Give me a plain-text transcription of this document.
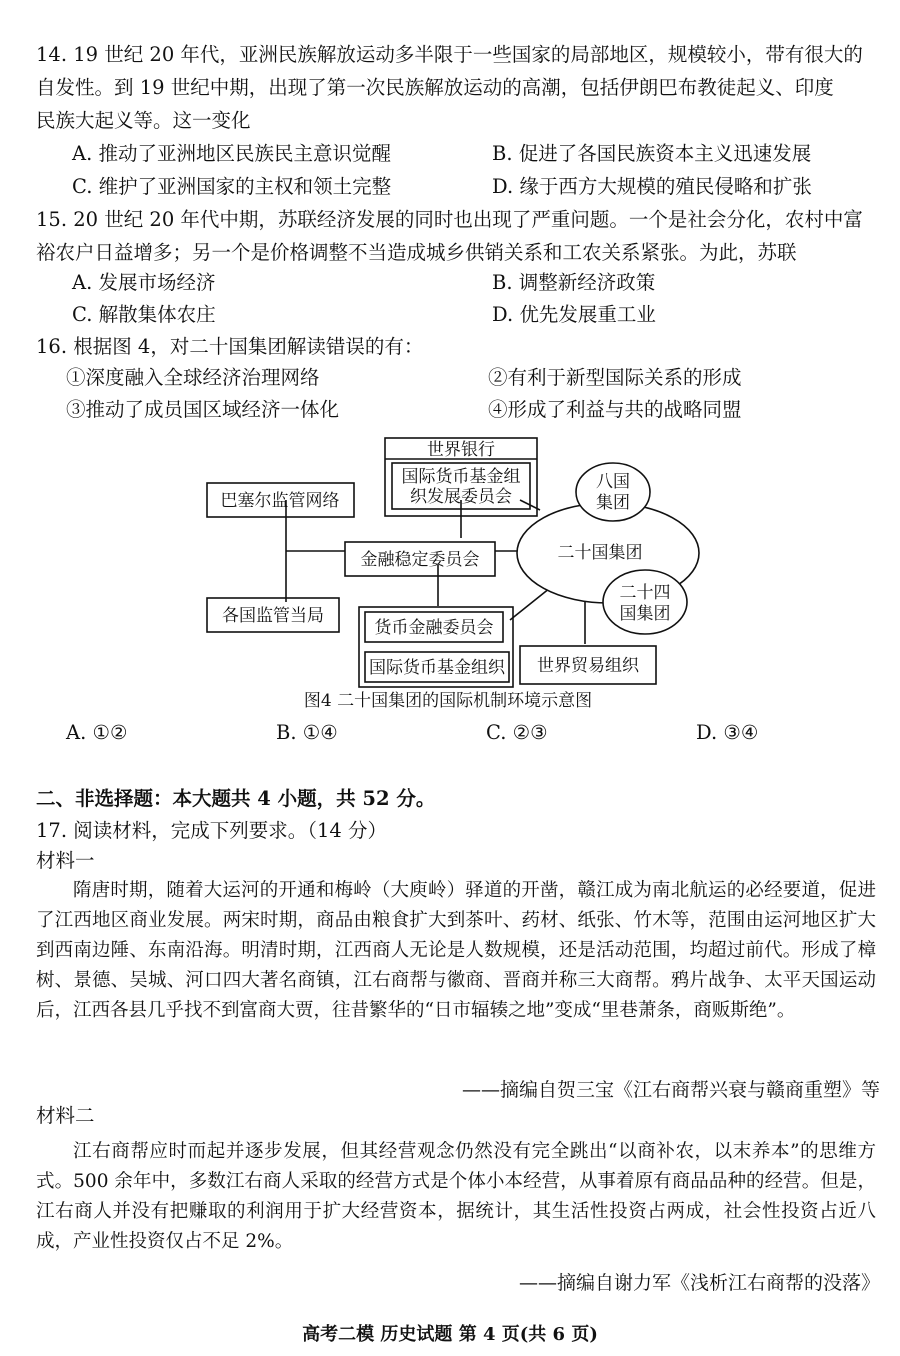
14. 19 世纪 20 年代，亚洲民族解放运动多半限于一些国家的局部地区，规模较小，带有很大的
自发性。到 19 世纪中期，出现了第一次民族解放运动的高潮，包括伊朗巴布教徒起义、印度
民族大起义等。这一变化
A. 推动了亚洲地区民族民主意识觉醒	B. 促进了各国民族资本主义迅速发展
C. 维护了亚洲国家的主权和领土完整	D. 缘于西方大规模的殖民侵略和扩张
15. 20 世纪 20 年代中期，苏联经济发展的同时也出现了严重问题。一个是社会分化，农村中富
裕农户日益增多；另一个是价格调整不当造成城乡供销关系和工农关系紧张。为此，苏联
A. 发展市场经济	B. 调整新经济政策
C. 解散集体农庄	D. 优先发展重工业
16. 根据图 4，对二十国集团解读错误的有：
①深度融入全球经济治理网络	②有利于新型国际关系的形成
③推动了成员国区域经济一体化	④形成了利益与共的战略同盟
世界银行
国际货币基金组
织发展委员会
巴塞尔监管网络
金融稳定委员会
各国监管当局
八国
集团
二十国集团
二十四
国集团
货币金融委员会
国际货币基金组织 世界贸易组织
图4 二十国集团的国际机制环境示意图
A. ①②	B. ①④	C. ②③	D. ③④
二、非选择题：本大题共 4 小题，共 52 分。
17. 阅读材料，完成下列要求。（14 分）
材料一
隋唐时期，随着大运河的开通和梅岭（大庾岭）驿道的开凿，赣江成为南北航运的必经要道，促进了江西地区商业发展。两宋时期，商品由粮食扩大到茶叶、药材、纸张、竹木等，范围由运河地区扩大到西南边陲、东南沿海。明清时期，江西商人无论是人数规模，还是活动范围，均超过前代。形成了樟树、景德、吴城、河口四大著名商镇，江右商帮与徽商、晋商并称三大商帮。鸦片战争、太平天国运动后，江西各县几乎找不到富商大贾，往昔繁华的“日市辐辏之地”变成“里巷萧条，商贩斯绝”。
——摘编自贺三宝《江右商帮兴衰与赣商重塑》等
材料二
江右商帮应时而起并逐步发展，但其经营观念仍然没有完全跳出“以商补农，以末养本”的思维方式。500 余年中，多数江右商人采取的经营方式是个体小本经营，从事着原有商品品种的经营。但是，江右商人并没有把赚取的利润用于扩大经营资本，据统计，其生活性投资占两成，社会性投资占近八成，产业性投资仅占不足 2%。
——摘编自谢力军《浅析江右商帮的没落》
高考二模 历史试题 第 4 页(共 6 页)
